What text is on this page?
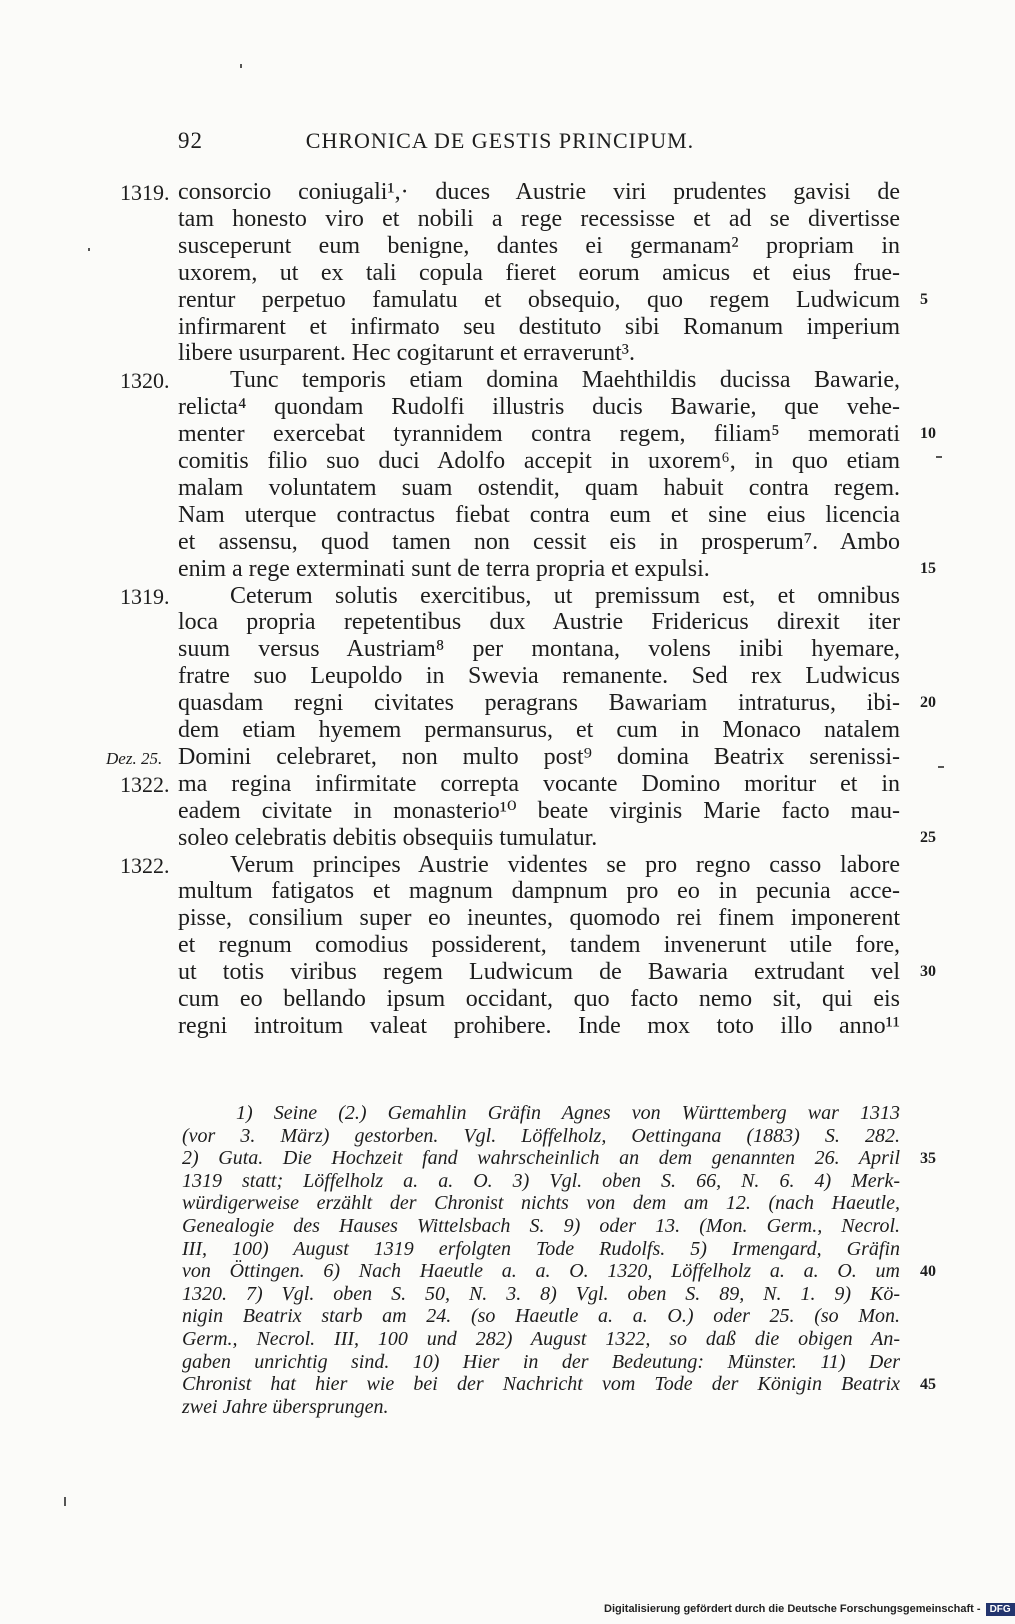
CHRONICA DE GESTIS PRINCIPUM.
92
1319. consorcio coniugali¹,· duces Austrie viri prudentes gavisi de
tam honesto viro et nobili a rege recessisse et ad se divertisse
susceperunt eum benigne, dantes ei germanam² propriam in
uxorem, ut ex tali copula fieret eorum amicus et eius frue-
rentur perpetuo famulatu et obsequio, quo regem Ludwicum 5
infirmarent et infirmato seu destituto sibi Romanum imperium
libere usurparent. Hec cogitarunt et erraverunt³.
1320.	Tunc temporis etiam domina Maehthildis ducissa Bawarie,
relicta⁴ quondam Rudolfi illustris ducis Bawarie, que vehe-
menter exercebat tyrannidem contra regem, filiam⁵ memorati 10
comitis filio suo duci Adolfo accepit in uxorem⁶, in quo etiam
malam voluntatem suam ostendit, quam habuit contra regem.
Nam uterque contractus fiebat contra eum et sine eius licencia
et assensu, quod tamen non cessit eis in prosperum⁷. Ambo
enim a rege exterminati sunt de terra propria et expulsi.	15
1319.	Ceterum solutis exercitibus, ut premissum est, et omnibus
loca propria repetentibus dux Austrie Fridericus direxit iter
suum versus Austriam⁸ per montana, volens inibi hyemare,
fratre suo Leupoldo in Swevia remanente. Sed rex Ludwicus
quasdam regni civitates peragrans Bawariam intraturus, ibi- 20
dem etiam hyemem permansurus, et cum in Monaco natalem
Dez. 25. Domini celebraret, non multo post⁹ domina Beatrix serenissi-
1322. ma regina infirmitate correpta vocante Domino moritur et in
eadem civitate in monasterio¹⁰ beate virginis Marie facto mau-
soleo celebratis debitis obsequiis tumulatur.	25
1322.	Verum principes Austrie videntes se pro regno casso labore
multum fatigatos et magnum dampnum pro eo in pecunia acce-
pisse, consilium super eo ineuntes, quomodo rei finem imponerent
et regnum comodius possiderent, tandem invenerunt utile fore,
ut totis viribus regem Ludwicum de Bawaria extrudant vel 30
cum eo bellando ipsum occidant, quo facto nemo sit, qui eis
regni introitum valeat prohibere. Inde mox toto illo anno¹¹
1) Seine (2.) Gemahlin Gräfin Agnes von Württemberg war 1313
(vor 3. März) gestorben. Vgl. Löffelholz, Oettingana (1883) S. 282.
2) Guta. Die Hochzeit fand wahrscheinlich an dem genannten 26. April 35
1319 statt; Löffelholz a. a. O. 3) Vgl. oben S. 66, N. 6. 4) Merk-
würdigerweise erzählt der Chronist nichts von dem am 12. (nach Haeutle,
Genealogie des Hauses Wittelsbach S. 9) oder 13. (Mon. Germ., Necrol.
III, 100) August 1319 erfolgten Tode Rudolfs. 5) Irmengard, Gräfin
von Öttingen. 6) Nach Haeutle a. a. O. 1320, Löffelholz a. a. O. um 40
1320. 7) Vgl. oben S. 50, N. 3. 8) Vgl. oben S. 89, N. 1. 9) Kö-
nigin Beatrix starb am 24. (so Haeutle a. a. O.) oder 25. (so Mon.
Germ., Necrol. III, 100 und 282) August 1322, so daß die obigen An-
gaben unrichtig sind. 10) Hier in der Bedeutung: Münster. 11) Der
Chronist hat hier wie bei der Nachricht vom Tode der Königin Beatrix 45
zwei Jahre übersprungen.
Digitalisierung gefördert durch die Deutsche Forschungsgemeinschaft - DFG
